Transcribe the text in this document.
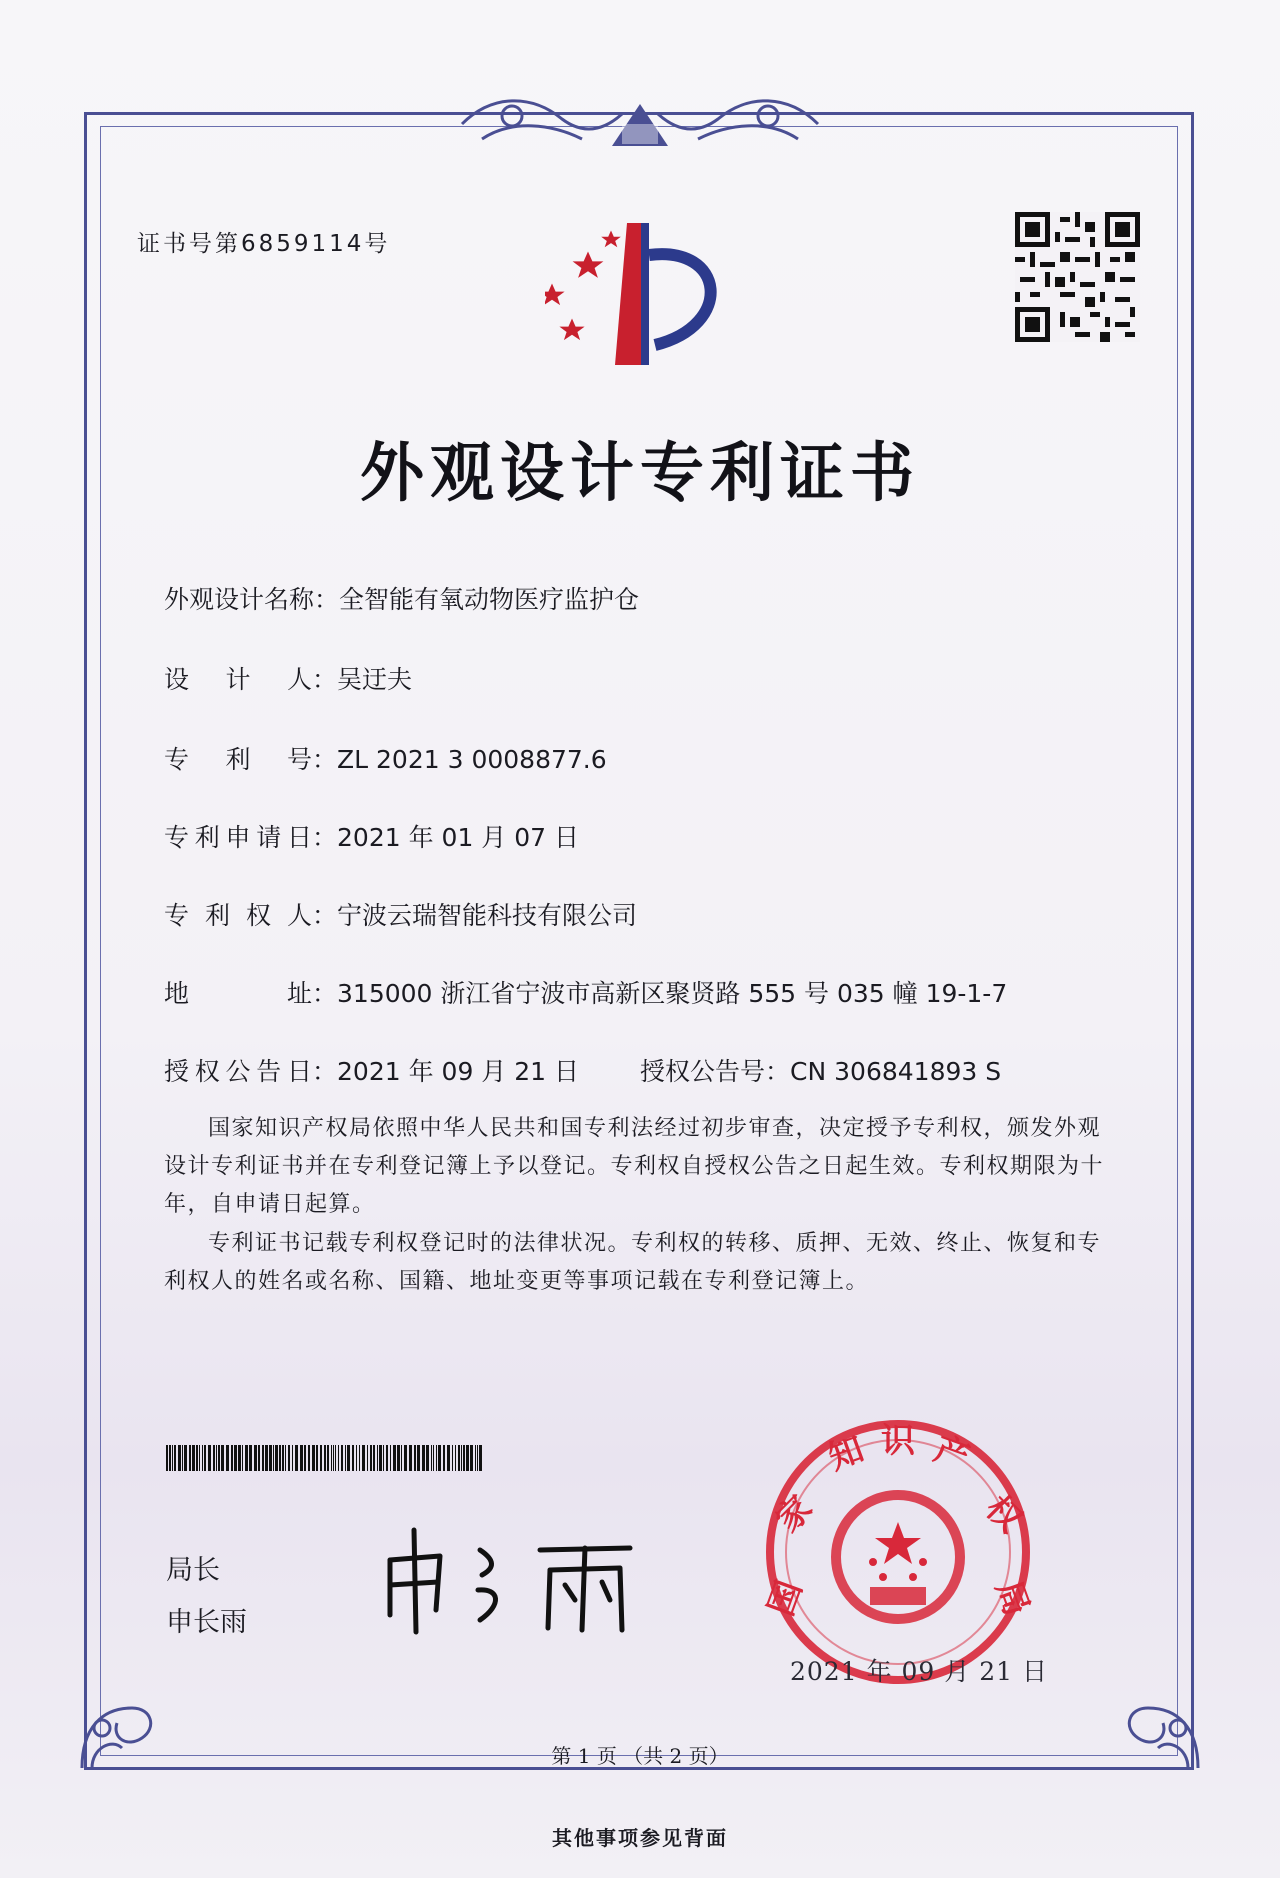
证书号第6859114号
外观设计专利证书
外观设计名称：全智能有氧动物医疗监护仓
设计人：吴迂夫
专利号：ZL 2021 3 0008877.6
专利申请日：2021 年 01 月 07 日
专利权人：宁波云瑞智能科技有限公司
地址：315000 浙江省宁波市高新区聚贤路 555 号 035 幢 19-1-7
授权公告日：2021 年 09 月 21 日 授权公告号：CN 306841893 S
国家知识产权局依照中华人民共和国专利法经过初步审查，决定授予专利权，颁发外观设计专利证书并在专利登记簿上予以登记。专利权自授权公告之日起生效。专利权期限为十年，自申请日起算。
专利证书记载专利权登记时的法律状况。专利权的转移、质押、无效、终止、恢复和专利权人的姓名或名称、国籍、地址变更等事项记载在专利登记簿上。
局长
申长雨
国
家
知 识 产
权
局
2021 年 09 月 21 日
第 1 页 （共 2 页）
其他事项参见背面
